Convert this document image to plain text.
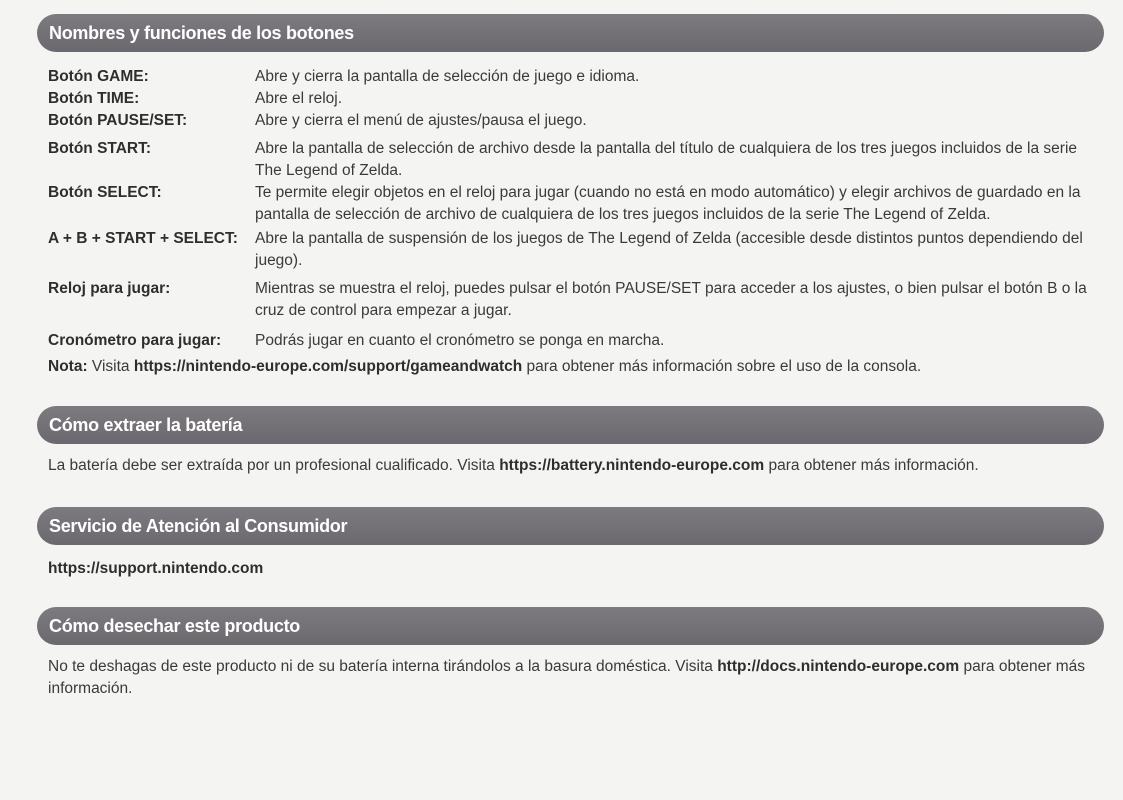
Nombres y funciones de los botones
Botón GAME:	Abre y cierra la pantalla de selección de juego e idioma.
Botón TIME:	Abre el reloj.
Botón PAUSE/SET:	Abre y cierra el menú de ajustes/pausa el juego.
Botón START:	Abre la pantalla de selección de archivo desde la pantalla del título de cualquiera de los tres juegos incluidos de la serie The Legend of Zelda.
Botón SELECT:	Te permite elegir objetos en el reloj para jugar (cuando no está en modo automático) y elegir archivos de guardado en la pantalla de selección de archivo de cualquiera de los tres juegos incluidos de la serie The Legend of Zelda.
A + B + START + SELECT: Abre la pantalla de suspensión de los juegos de The Legend of Zelda (accesible desde distintos puntos dependiendo del juego).
Reloj para jugar:	Mientras se muestra el reloj, puedes pulsar el botón PAUSE/SET para acceder a los ajustes, o bien pulsar el botón B o la cruz de control para empezar a jugar.
Cronómetro para jugar: Podrás jugar en cuanto el cronómetro se ponga en marcha.
Nota: Visita https://nintendo-europe.com/support/gameandwatch para obtener más información sobre el uso de la consola.
Cómo extraer la batería
La batería debe ser extraída por un profesional cualificado. Visita https://battery.nintendo-europe.com para obtener más información.
Servicio de Atención al Consumidor
https://support.nintendo.com
Cómo desechar este producto
No te deshagas de este producto ni de su batería interna tirándolos a la basura doméstica. Visita http://docs.nintendo-europe.com para obtener más información.
